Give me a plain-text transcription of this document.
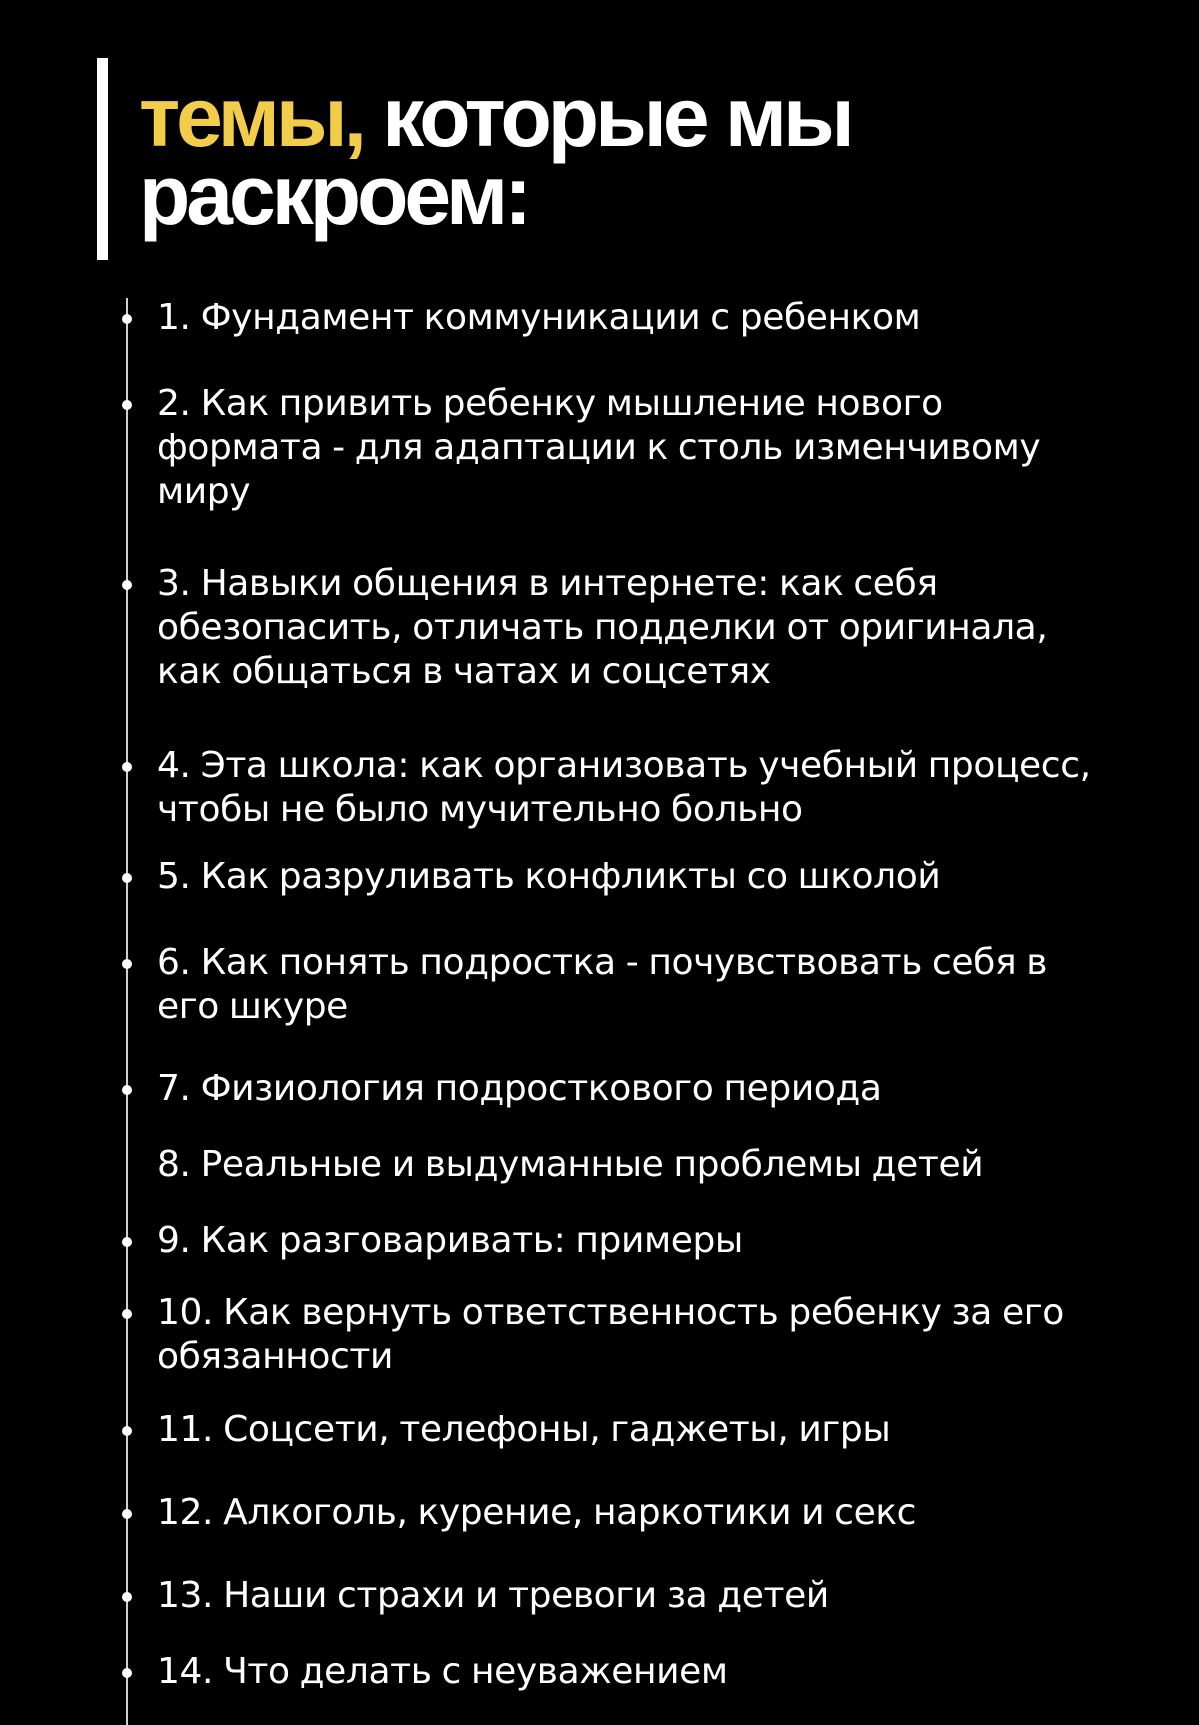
темы, которые мы
раскроем:

1. Фундамент коммуникации с ребенком

2. Как привить ребенку мышление нового формата - для адаптации к столь изменчивому миру

3. Навыки общения в интернете: как себя обезопасить, отличать подделки от оригинала, как общаться в чатах и соцсетях

4. Эта школа: как организовать учебный процесс, чтобы не было мучительно больно

5. Как разруливать конфликты со школой

6. Как понять подростка - почувствовать себя в его шкуре

7. Физиология подросткового периода

8. Реальные и выдуманные проблемы детей

9. Как разговаривать: примеры

10. Как вернуть ответственность ребенку за его обязанности

11. Соцсети, телефоны, гаджеты, игры

12. Алкоголь, курение, наркотики и секс

13. Наши страхи и тревоги за детей

14. Что делать с неуважением
